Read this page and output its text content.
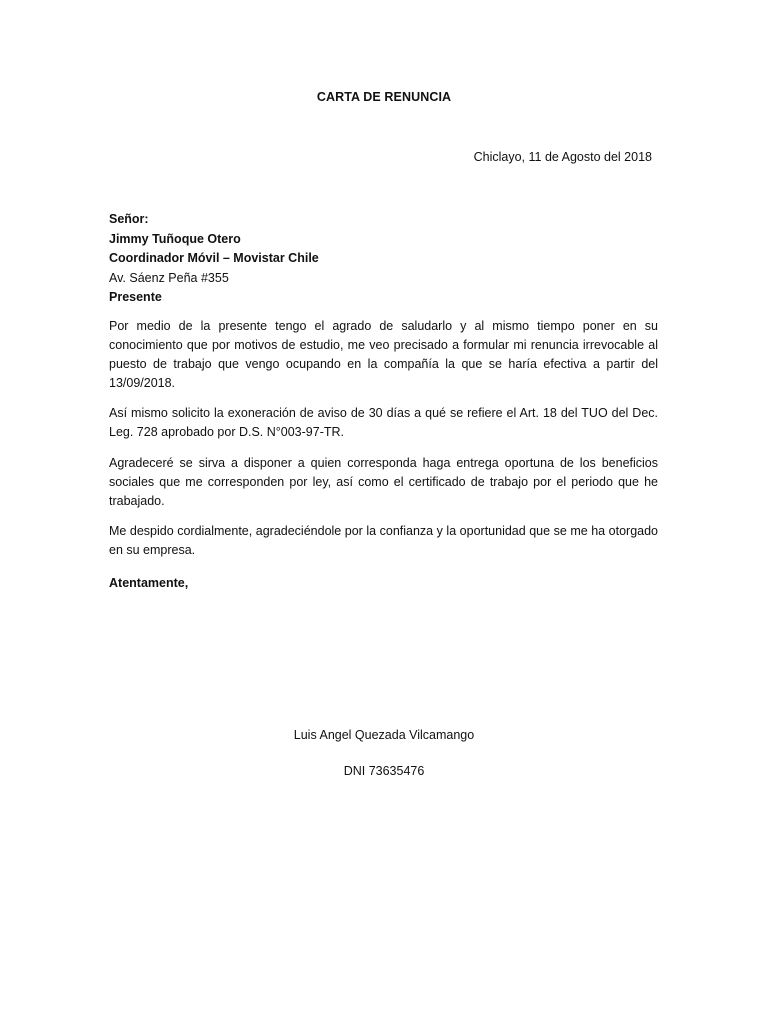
CARTA DE RENUNCIA
Chiclayo, 11 de Agosto del 2018
Señor:
Jimmy Tuñoque Otero
Coordinador Móvil – Movistar Chile
Av. Sáenz Peña #355
Presente
Por medio de la presente tengo el agrado de saludarlo y al mismo tiempo poner en su conocimiento que por motivos de estudio, me veo precisado a formular mi renuncia irrevocable al puesto de trabajo que vengo ocupando en la compañía la que se haría efectiva a partir del 13/09/2018.
Así mismo solicito la exoneración de aviso de 30 días a qué se refiere el Art. 18 del TUO del Dec. Leg. 728 aprobado por D.S. N°003-97-TR.
Agradeceré se sirva a disponer a quien corresponda haga entrega oportuna de los beneficios sociales que me corresponden por ley, así como el certificado de trabajo por el periodo que he trabajado.
Me despido cordialmente, agradeciéndole por la confianza y la oportunidad que se me ha otorgado en su empresa.
Atentamente,
Luis Angel Quezada Vilcamango
DNI 73635476
